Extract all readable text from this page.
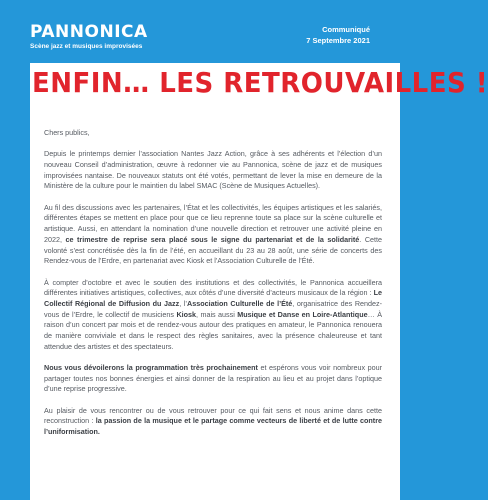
PANNONICA
Scène jazz et musiques improvisées
Communiqué
7 Septembre 2021
ENFIN… LES RETROUVAILLES !

Chers publics,

Depuis le printemps dernier l’association Nantes Jazz Action, grâce à ses adhérents et l’élection d’un nouveau Conseil d’administration, œuvre à redonner vie au Pannonica, scène de jazz et de musiques improvisées nantaise. De nouveaux statuts ont été votés, permettant de lever la mise en demeure de la Ministère de la culture pour le maintien du label SMAC (Scène de Musiques Actuelles).

Au fil des discussions avec les partenaires, l’État et les collectivités, les équipes artistiques et les salariés, différentes étapes se mettent en place pour que ce lieu reprenne toute sa place sur la scène culturelle et artistique. Aussi, en attendant la nomination d’une nouvelle direction et retrouver une activité pleine en 2022, ce trimestre de reprise sera placé sous le signe du partenariat et de la solidarité. Cette volonté s’est concrétisée dès la fin de l’été, en accueillant du 23 au 28 août, une série de concerts des Rendez-vous de l’Erdre, en partenariat avec Kiosk et l’Association Culturelle de l’Été.

À compter d’octobre et avec le soutien des institutions et des collectivités, le Pannonica accueillera différentes initiatives artistiques, collectives, aux côtés d’une diversité d’acteurs musicaux de la région : Le Collectif Régional de Diffusion du Jazz, l’Association Culturelle de l’Été, organisatrice des Rendez-vous de l’Erdre, le collectif de musiciens Kiosk, mais aussi Musique et Danse en Loire-Atlantique… À raison d’un concert par mois et de rendez-vous autour des pratiques en amateur, le Pannonica renouera de manière conviviale et dans le respect des règles sanitaires, avec la présence chaleureuse et tant attendue des artistes et des spectateurs.

Nous vous dévoilerons la programmation très prochainement et espérons vous voir nombreux pour partager toutes nos bonnes énergies et ainsi donner de la respiration au lieu et au projet dans l’optique d’une reprise progressive.

Au plaisir de vous rencontrer ou de vous retrouver pour ce qui fait sens et nous anime dans cette reconstruction : la passion de la musique et le partage comme vecteurs de liberté et de lutte contre l’uniformisation.
